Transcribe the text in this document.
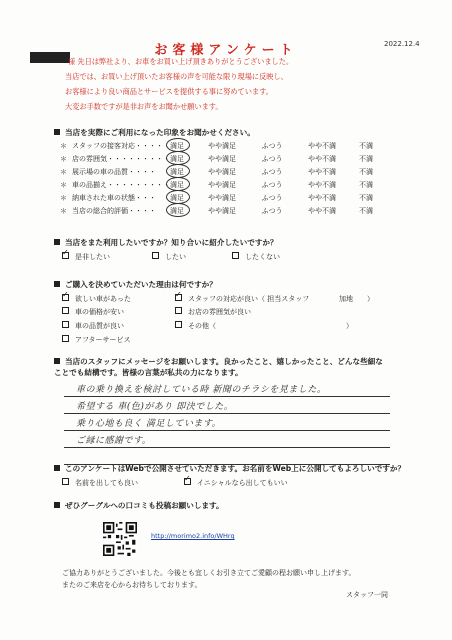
2022.12.4
お客様アンケート
様 先日は弊社より、お車をお買い上げ頂きありがとうございました。
当店では、お買い上げ頂いたお客様の声を可能な限り現場に反映し、
お客様により良い商品とサービスを提供する事に努めています。
大変お手数ですが是非お声をお聞かせ願います。
当店を実際にご利用になった印象をお聞かせください。
＊ スタッフの接客対応・・・・	満足	やや満足	ふつう	やや不満	不満
＊ 店の雰囲気・・・・・・・・・ 満足	やや満足	ふつう	やや不満	不満
＊ 展示場の車の品質・・・・	満足	やや満足	ふつう	やや不満	不満
＊ 車の品揃え・・・・・・・・・ 満足	やや満足	ふつう	やや不満	不満
＊ 納車された車の状態・・・	満足	やや満足	ふつう	やや不満	不満
＊ 当店の総合的評価・・・・	満足	やや満足	ふつう	やや不満	不満
当店をまた利用したいですか？知り合いに紹介したいですか？
✓是非したい	したい	したくない
ご購入を決めていただいた理由は何ですか？
✓欲しい車があった ✓	スタッフの対応が良い（ 担当スタッフ	加地 ）
車の価格が安い	お店の雰囲気が良い
車の品質が良い	その他（	）
アフターサービス
当店のスタッフにメッセージをお願いします。良かったこと、嬉しかったこと、どんな些細な
ことでも結構です。皆様の言葉が私共の力になります。
車の乗り換えを検討している時 新聞のチラシを見ました。
希望する 車(色)があり 即決でした。
乗り心地も良く 満足しています。
ご縁に感謝です。
このアンケートはWebで公開させていただきます。お名前をWeb上に公開してもよろしいですか？
名前を出しても良い ✓	イニシャルなら出してもいい
ぜひグーグルへの口コミも投稿お願いします。
http://morimo2.info/WHrg
ご協力ありがとうございました。今後とも宜しくお引き立てご愛顧の程お願い申し上げます。
またのご来店を心からお待ちしております。
スタッフ一同
